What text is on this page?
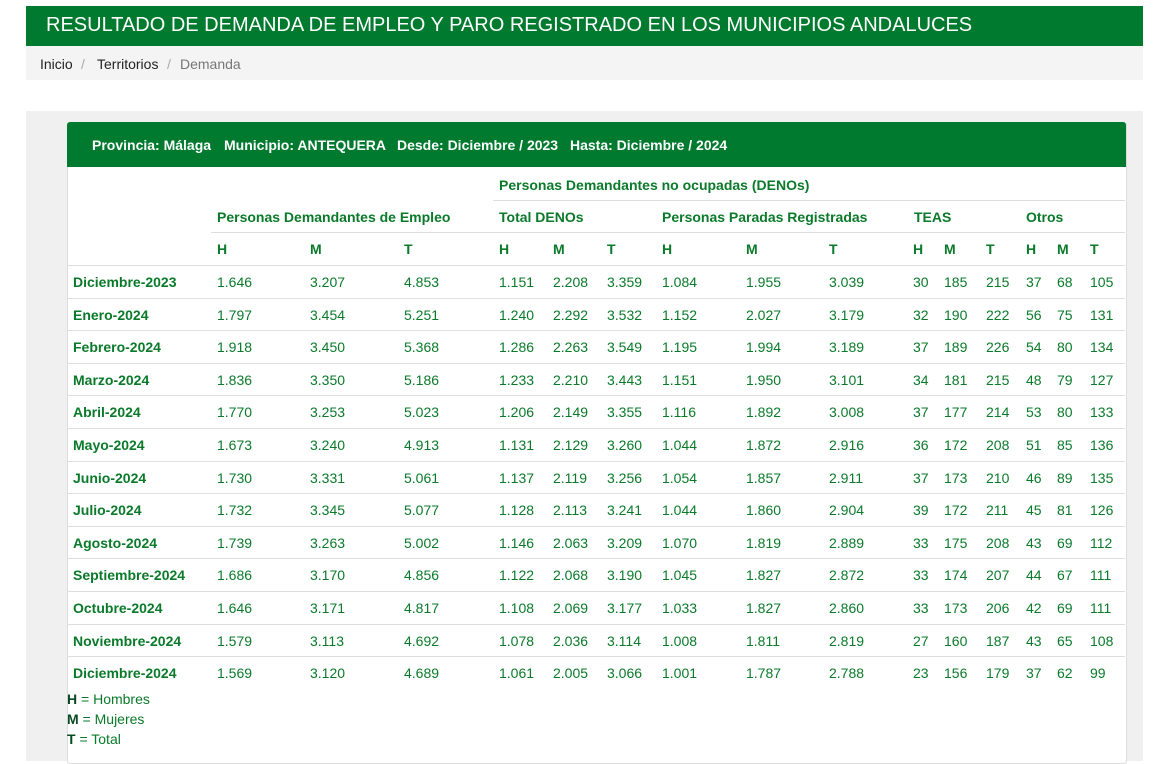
RESULTADO DE DEMANDA DE EMPLEO Y PARO REGISTRADO EN LOS MUNICIPIOS ANDALUCES
Inicio / Territorios / Demanda
Provincia: Málaga Municipio: ANTEQUERA Desde: Diciembre / 2023 Hasta: Diciembre / 2024
Personas Demandantes no ocupadas (DENOs)
Personas Demandantes de Empleo	Total DENOs	Personas Paradas Registradas	TEAS	Otros
H	M	T	H	M	T	H	M	T	H M T H M T
Diciembre-2023	1.646	3.207	4.853	1.151 2.208 3.359 1.084	1.955	3.039	30 185 215 37 68 105
Enero-2024	1.797	3.454	5.251	1.240 2.292 3.532 1.152	2.027	3.179	32 190 222 56 75 131
Febrero-2024	1.918	3.450	5.368	1.286 2.263 3.549 1.195	1.994	3.189	37 189 226 54 80 134
Marzo-2024	1.836	3.350	5.186	1.233 2.210 3.443 1.151	1.950	3.101	34 181 215 48 79 127
Abril-2024	1.770	3.253	5.023	1.206 2.149 3.355 1.116	1.892	3.008	37 177 214 53 80 133
Mayo-2024	1.673	3.240	4.913	1.131 2.129 3.260 1.044	1.872	2.916	36 172 208 51 85 136
Junio-2024	1.730	3.331	5.061	1.137 2.119 3.256 1.054	1.857	2.911	37 173 210 46 89 135
Julio-2024	1.732	3.345	5.077	1.128 2.113 3.241 1.044	1.860	2.904	39 172 211 45 81 126
Agosto-2024	1.739	3.263	5.002	1.146 2.063 3.209 1.070	1.819	2.889	33 175 208 43 69 112
Septiembre-2024 1.686	3.170	4.856	1.122 2.068 3.190 1.045	1.827	2.872	33 174 207 44 67 111
Octubre-2024	1.646	3.171	4.817	1.108 2.069 3.177 1.033	1.827	2.860	33 173 206 42 69 111
Noviembre-2024	1.579	3.113	4.692	1.078 2.036 3.114 1.008	1.811	2.819	27 160 187 43 65 108
Diciembre-2024	1.569	3.120	4.689	1.061 2.005 3.066 1.001	1.787	2.788	23 156 179 37 62 99
H = Hombres
M = Mujeres
T = Total
